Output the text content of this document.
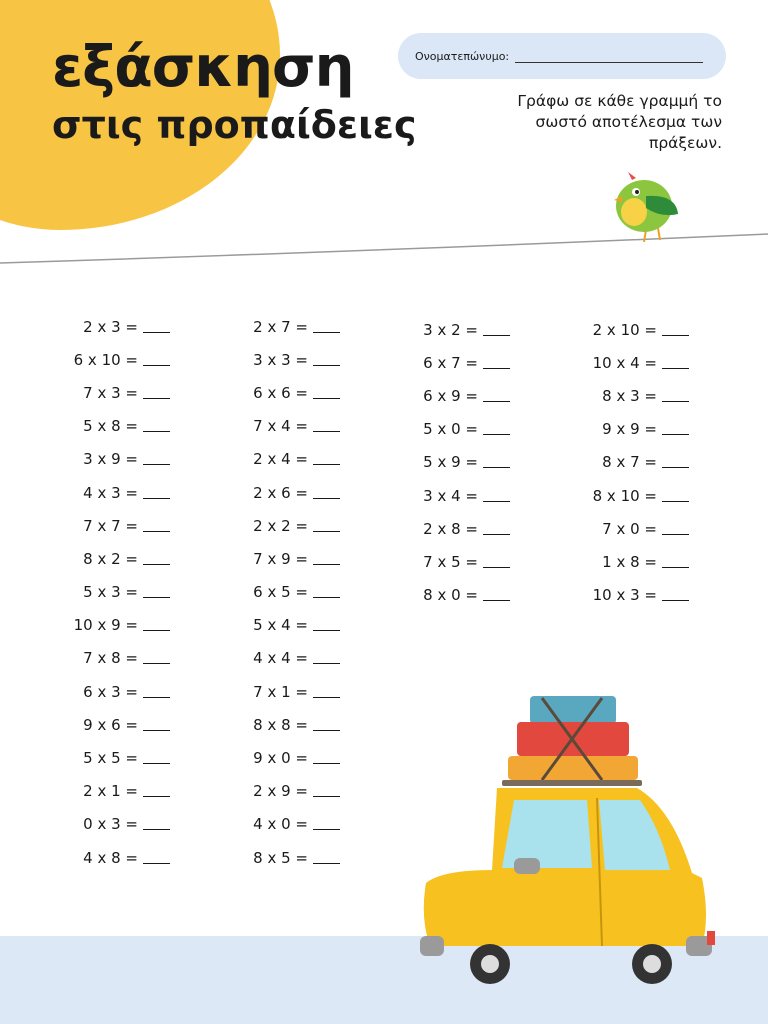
εξάσκηση
στις προπαίδειες
Ονοματεπώνυμο:
Γράφω σε κάθε γραμμή το σωστό αποτέλεσμα των πράξεων.
2 x 3 =
6 x 10 =
7 x 3 =
5 x 8 =
3 x 9 =
4 x 3 =
7 x 7 =
8 x 2 =
5 x 3 =
10 x 9 =
7 x 8 =
6 x 3 =
9 x 6 =
5 x 5 =
2 x 1 =
0 x 3 =
4 x 8 =
2 x 7 =
3 x 3 =
6 x 6 =
7 x 4 =
2 x 4 =
2 x 6 =
2 x 2 =
7 x 9 =
6 x 5 =
5 x 4 =
4 x 4 =
7 x 1 =
8 x 8 =
9 x 0 =
2 x 9 =
4 x 0 =
8 x 5 =
3 x 2 =
6 x 7 =
6 x 9 =
5 x 0 =
5 x 9 =
3 x 4 =
2 x 8 =
7 x 5 =
8 x 0 =
2 x 10 =
10 x 4 =
8 x 3 =
9 x 9 =
8 x 7 =
8 x 10 =
7 x 0 =
1 x 8 =
10 x 3 =
